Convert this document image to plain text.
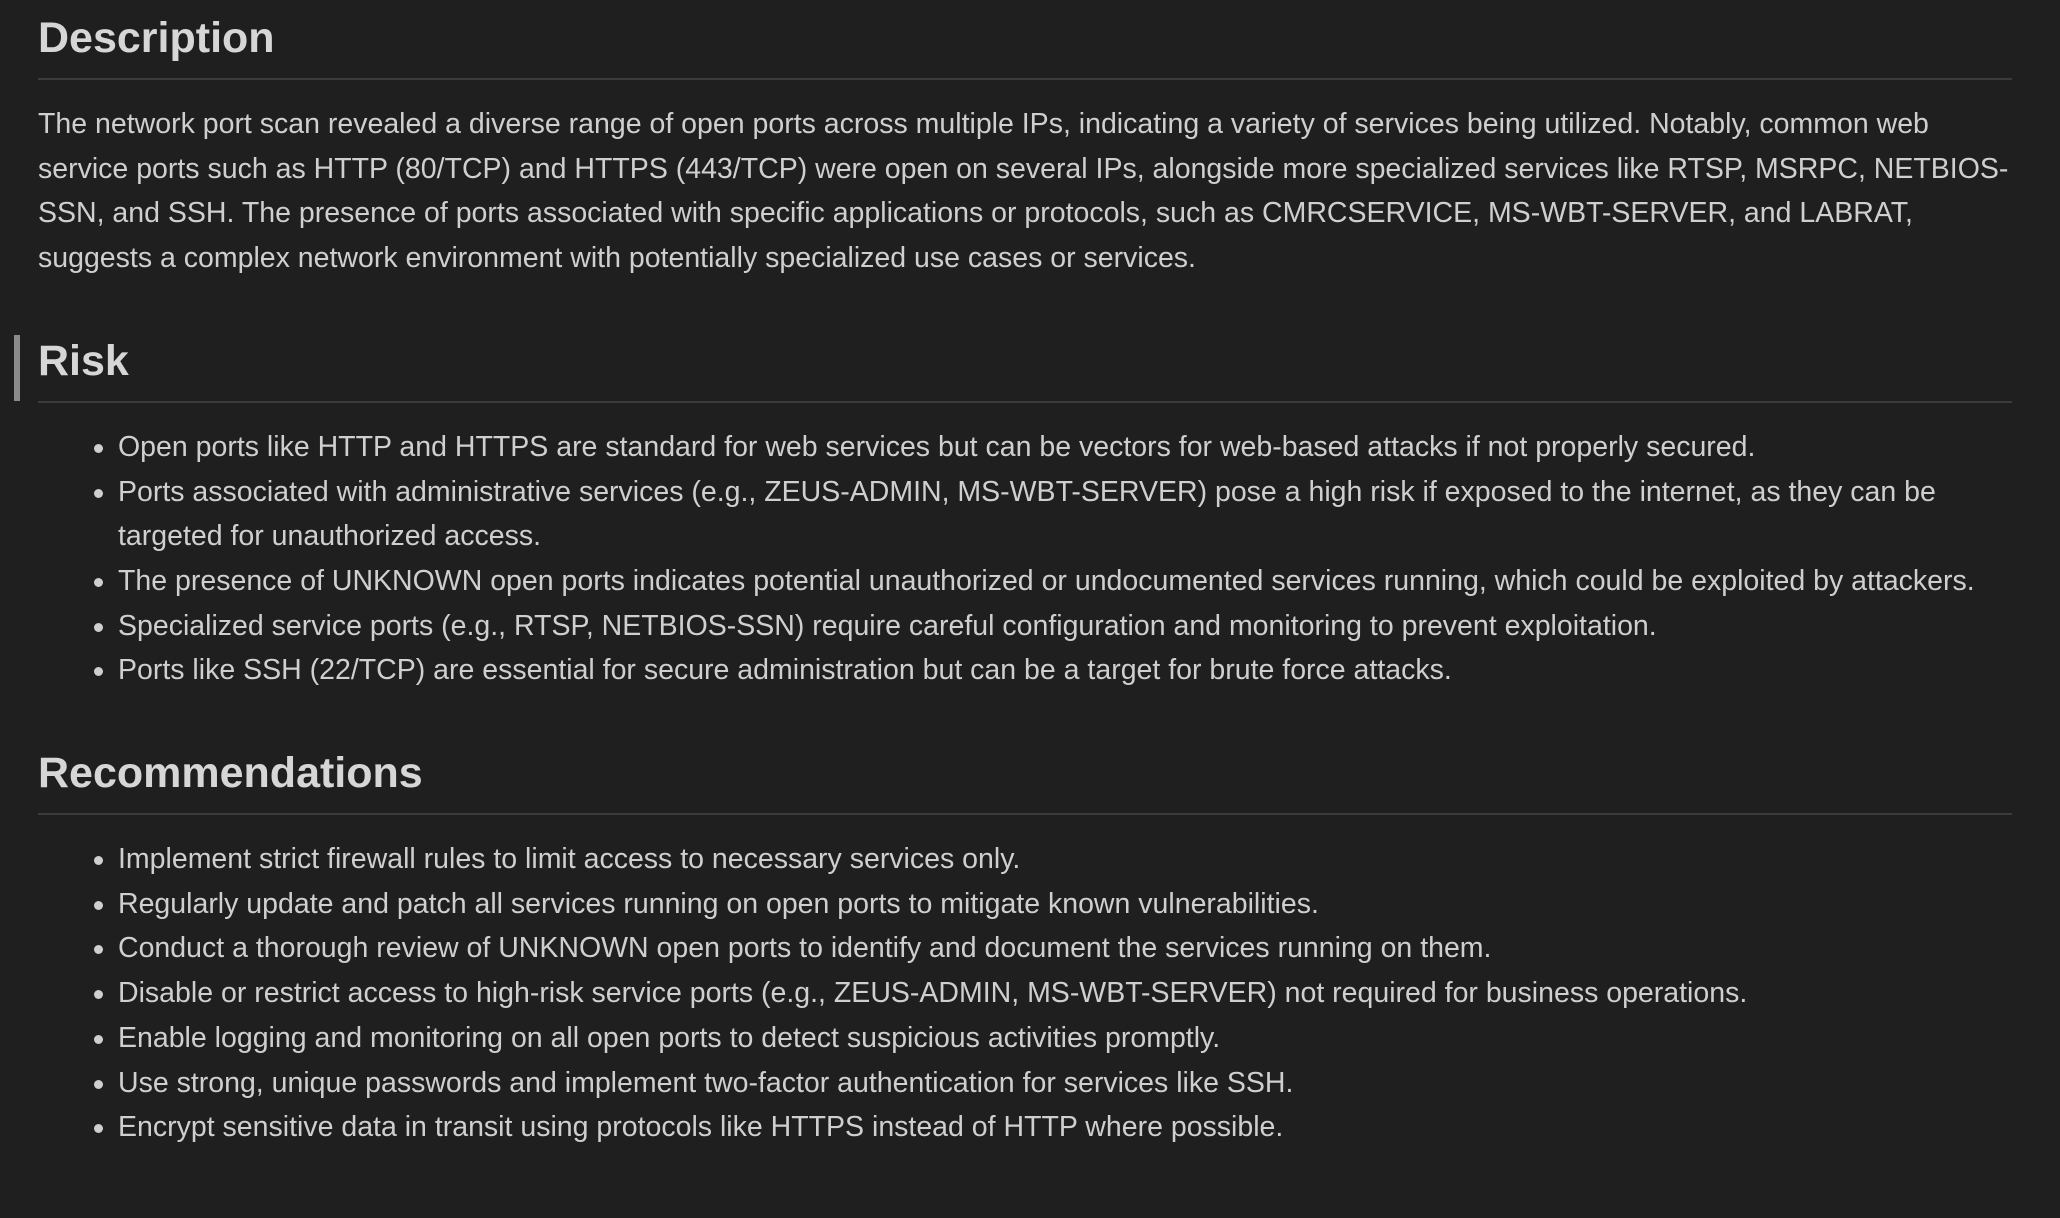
Description

The network port scan revealed a diverse range of open ports across multiple IPs, indicating a variety of services being utilized. Notably, common web service ports such as HTTP (80/TCP) and HTTPS (443/TCP) were open on several IPs, alongside more specialized services like RTSP, MSRPC, NETBIOS-SSN, and SSH. The presence of ports associated with specific applications or protocols, such as CMRCSERVICE, MS-WBT-SERVER, and LABRAT, suggests a complex network environment with potentially specialized use cases or services.

Risk
Open ports like HTTP and HTTPS are standard for web services but can be vectors for web-based attacks if not properly secured.
Ports associated with administrative services (e.g., ZEUS-ADMIN, MS-WBT-SERVER) pose a high risk if exposed to the internet, as they can be targeted for unauthorized access.
The presence of UNKNOWN open ports indicates potential unauthorized or undocumented services running, which could be exploited by attackers.
Specialized service ports (e.g., RTSP, NETBIOS-SSN) require careful configuration and monitoring to prevent exploitation.
Ports like SSH (22/TCP) are essential for secure administration but can be a target for brute force attacks.
Recommendations
Implement strict firewall rules to limit access to necessary services only.
Regularly update and patch all services running on open ports to mitigate known vulnerabilities.
Conduct a thorough review of UNKNOWN open ports to identify and document the services running on them.
Disable or restrict access to high-risk service ports (e.g., ZEUS-ADMIN, MS-WBT-SERVER) not required for business operations.
Enable logging and monitoring on all open ports to detect suspicious activities promptly.
Use strong, unique passwords and implement two-factor authentication for services like SSH.
Encrypt sensitive data in transit using protocols like HTTPS instead of HTTP where possible.
